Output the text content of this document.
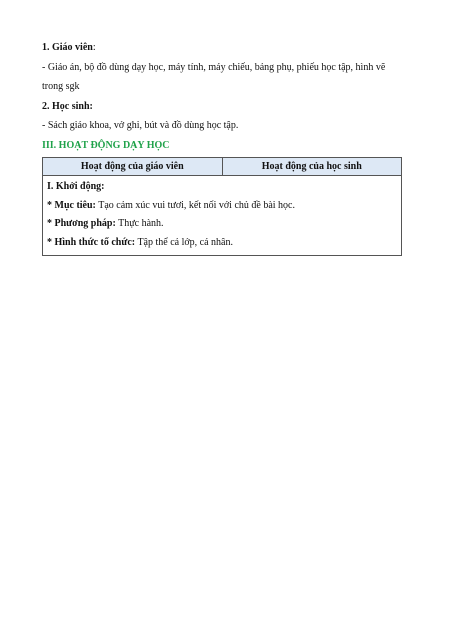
1. Giáo viên:
- Giáo án, bộ đồ dùng dạy học, máy tính, máy chiếu, bảng phụ, phiếu học tập, hình vẽ
trong sgk
2. Học sinh:
- Sách giáo khoa, vở ghi, bút và đồ dùng học tập.
III. HOẠT ĐỘNG DẠY HỌC
Hoạt động của giáo viên	Hoạt động của học sinh

I. Khởi động:
* Mục tiêu: Tạo cảm xúc vui tươi, kết nối với chủ đề bài học.
* Phương pháp: Thực hành.
* Hình thức tổ chức: Tập thể cả lớp, cá nhân.
